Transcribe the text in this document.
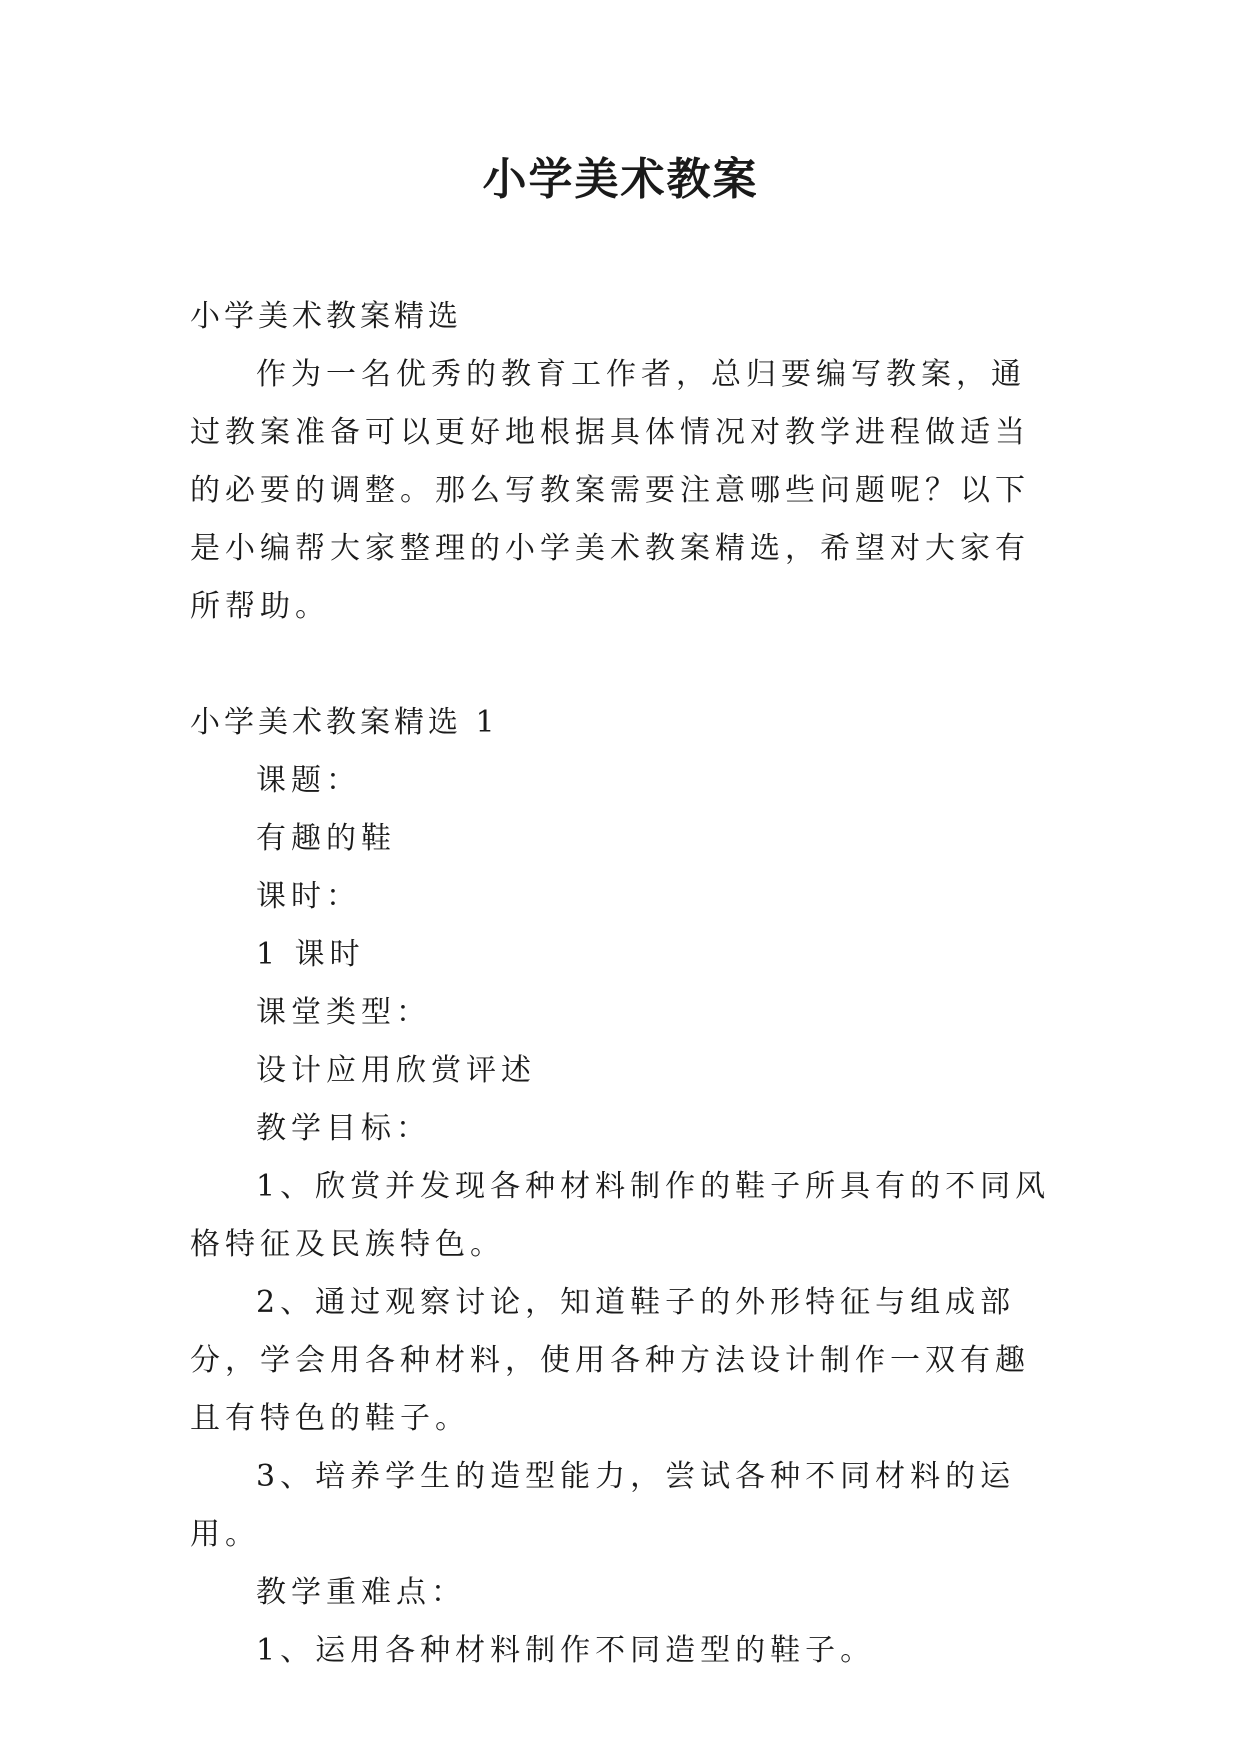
小学美术教案

小学美术教案精选

作为一名优秀的教育工作者，总归要编写教案，通过教案准备可以更好地根据具体情况对教学进程做适当的必要的调整。那么写教案需要注意哪些问题呢？以下是小编帮大家整理的小学美术教案精选，希望对大家有所帮助。

小学美术教案精选 1

课题：

有趣的鞋

课时：

1 课时

课堂类型：

设计应用欣赏评述

教学目标：

1、欣赏并发现各种材料制作的鞋子所具有的不同风格特征及民族特色。

2、通过观察讨论，知道鞋子的外形特征与组成部分，学会用各种材料，使用各种方法设计制作一双有趣且有特色的鞋子。

3、培养学生的造型能力，尝试各种不同材料的运用。

教学重难点：

1、运用各种材料制作不同造型的鞋子。
